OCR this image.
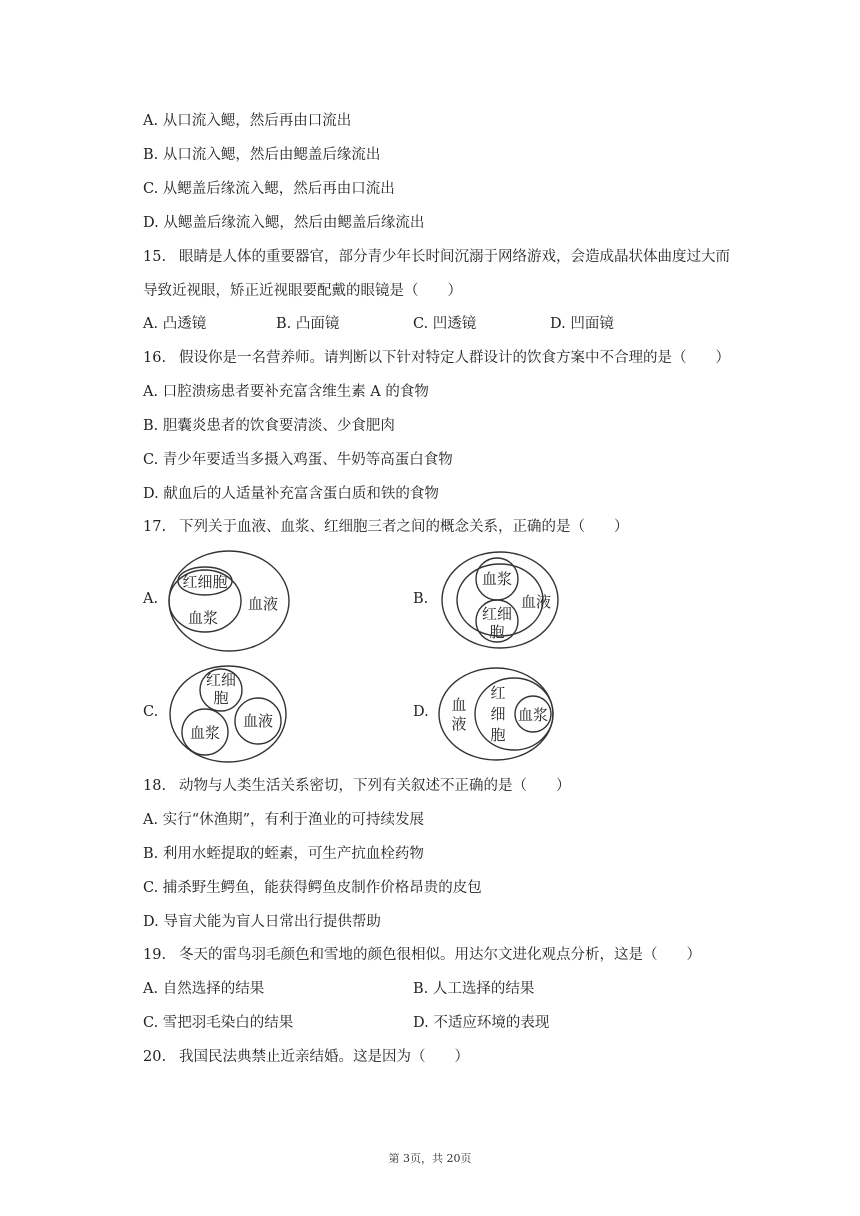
A. 从口流入鳃，然后再由口流出
B. 从口流入鳃，然后由鳃盖后缘流出
C. 从鳃盖后缘流入鳃，然后再由口流出
D. 从鳃盖后缘流入鳃，然后由鳃盖后缘流出
15. 眼睛是人体的重要器官，部分青少年长时间沉溺于网络游戏，会造成晶状体曲度过大而
导致近视眼，矫正近视眼要配戴的眼镜是（　　）
A. 凸透镜	B. 凸面镜	C. 凹透镜	D. 凹面镜
16. 假设你是一名营养师。请判断以下针对特定人群设计的饮食方案中不合理的是（　　）
A. 口腔溃疡患者要补充富含维生素 A 的食物
B. 胆囊炎患者的饮食要清淡、少食肥肉
C. 青少年要适当多摄入鸡蛋、牛奶等高蛋白食物
D. 献血后的人适量补充富含蛋白质和铁的食物
17. 下列关于血液、血浆、红细胞三者之间的概念关系，正确的是（　　）
A.
红细胞
血浆
血液	B.
血浆
红细
胞
血液
C.
红细
胞
血浆
血液	D. 血
液
红
细
胞
血浆
18. 动物与人类生活关系密切，下列有关叙述不正确的是（　　）
A. 实行“休渔期”，有利于渔业的可持续发展
B. 利用水蛭提取的蛭素，可生产抗血栓药物
C. 捕杀野生鳄鱼，能获得鳄鱼皮制作价格昂贵的皮包
D. 导盲犬能为盲人日常出行提供帮助
19. 冬天的雷鸟羽毛颜色和雪地的颜色很相似。用达尔文进化观点分析，这是（　　）
A. 自然选择的结果	B. 人工选择的结果
C. 雪把羽毛染白的结果	D. 不适应环境的表现
20. 我国民法典禁止近亲结婚。这是因为（　　）
第 3页，共 20页
